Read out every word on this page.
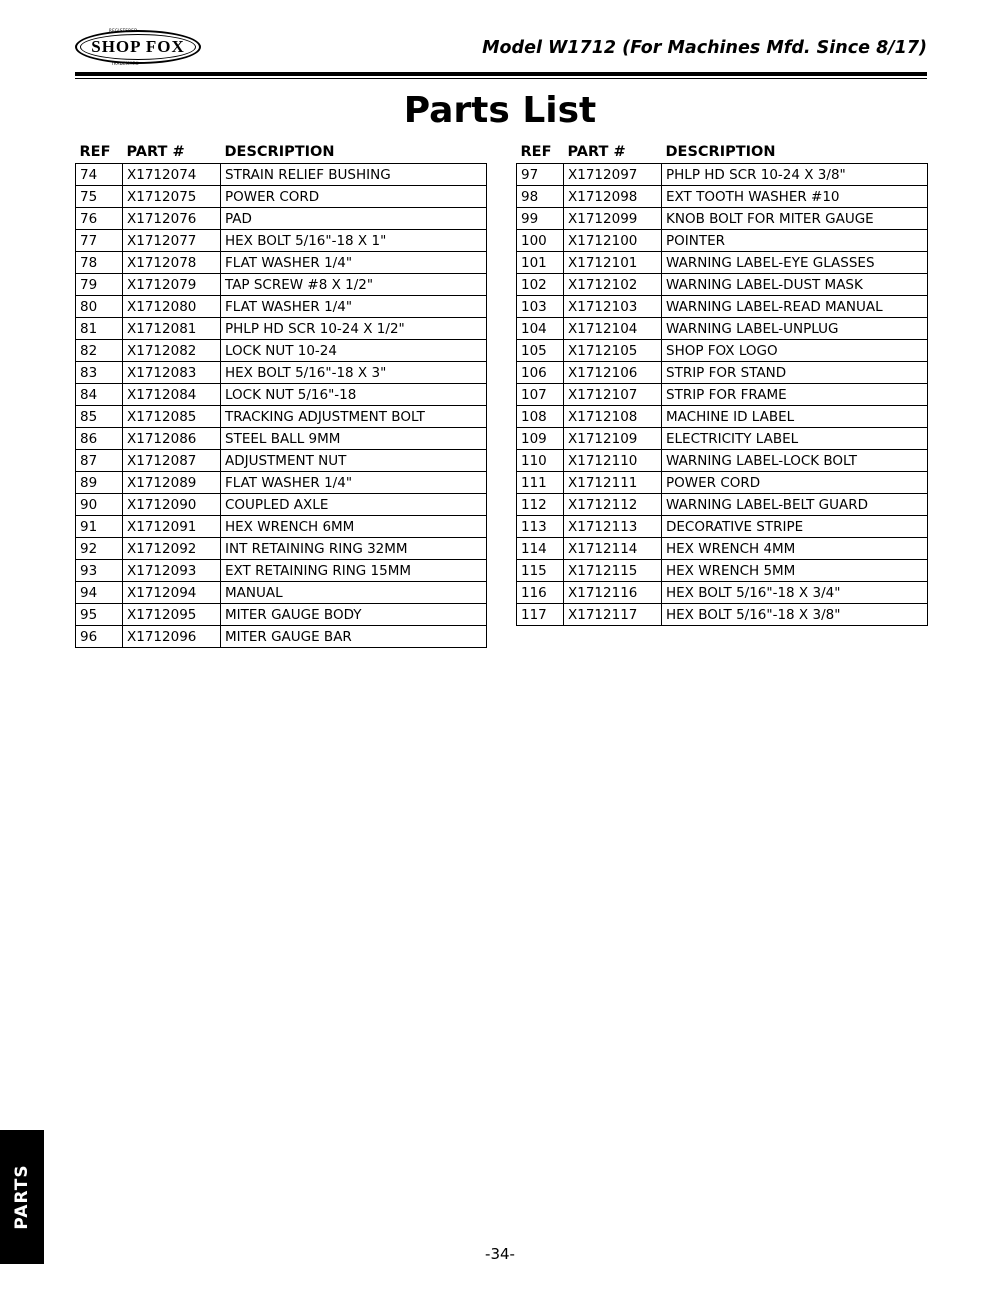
REGISTERED
SHOP FOX
TRADEMARK
Model W1712 (For Machines Mfd. Since 8/17)
Parts List
REF	PART #	DESCRIPTION
74	X1712074	STRAIN RELIEF BUSHING
75	X1712075	POWER CORD
76	X1712076	PAD
77	X1712077	HEX BOLT 5/16"-18 X 1"
78	X1712078	FLAT WASHER 1/4"
79	X1712079	TAP SCREW #8 X 1/2"
80	X1712080	FLAT WASHER 1/4"
81	X1712081	PHLP HD SCR 10-24 X 1/2"
82	X1712082	LOCK NUT 10-24
83	X1712083	HEX BOLT 5/16"-18 X 3"
84	X1712084	LOCK NUT 5/16"-18
85	X1712085	TRACKING ADJUSTMENT BOLT
86	X1712086	STEEL BALL 9MM
87	X1712087	ADJUSTMENT NUT
89	X1712089	FLAT WASHER 1/4"
90	X1712090	COUPLED AXLE
91	X1712091	HEX WRENCH 6MM
92	X1712092	INT RETAINING RING 32MM
93	X1712093	EXT RETAINING RING 15MM
94	X1712094	MANUAL
95	X1712095	MITER GAUGE BODY
96	X1712096	MITER GAUGE BAR
REF	PART #	DESCRIPTION
97	X1712097	PHLP HD SCR 10-24 X 3/8"
98	X1712098	EXT TOOTH WASHER #10
99	X1712099	KNOB BOLT FOR MITER GAUGE
100	X1712100	POINTER
101	X1712101	WARNING LABEL-EYE GLASSES
102	X1712102	WARNING LABEL-DUST MASK
103	X1712103	WARNING LABEL-READ MANUAL
104	X1712104	WARNING LABEL-UNPLUG
105	X1712105	SHOP FOX LOGO
106	X1712106	STRIP FOR STAND
107	X1712107	STRIP FOR FRAME
108	X1712108	MACHINE ID LABEL
109	X1712109	ELECTRICITY LABEL
110	X1712110	WARNING LABEL-LOCK BOLT
111	X1712111	POWER CORD
112	X1712112	WARNING LABEL-BELT GUARD
113	X1712113	DECORATIVE STRIPE
114	X1712114	HEX WRENCH 4MM
115	X1712115	HEX WRENCH 5MM
116	X1712116	HEX BOLT 5/16"-18 X 3/4"
117	X1712117	HEX BOLT 5/16"-18 X 3/8"
PARTS
-34-
